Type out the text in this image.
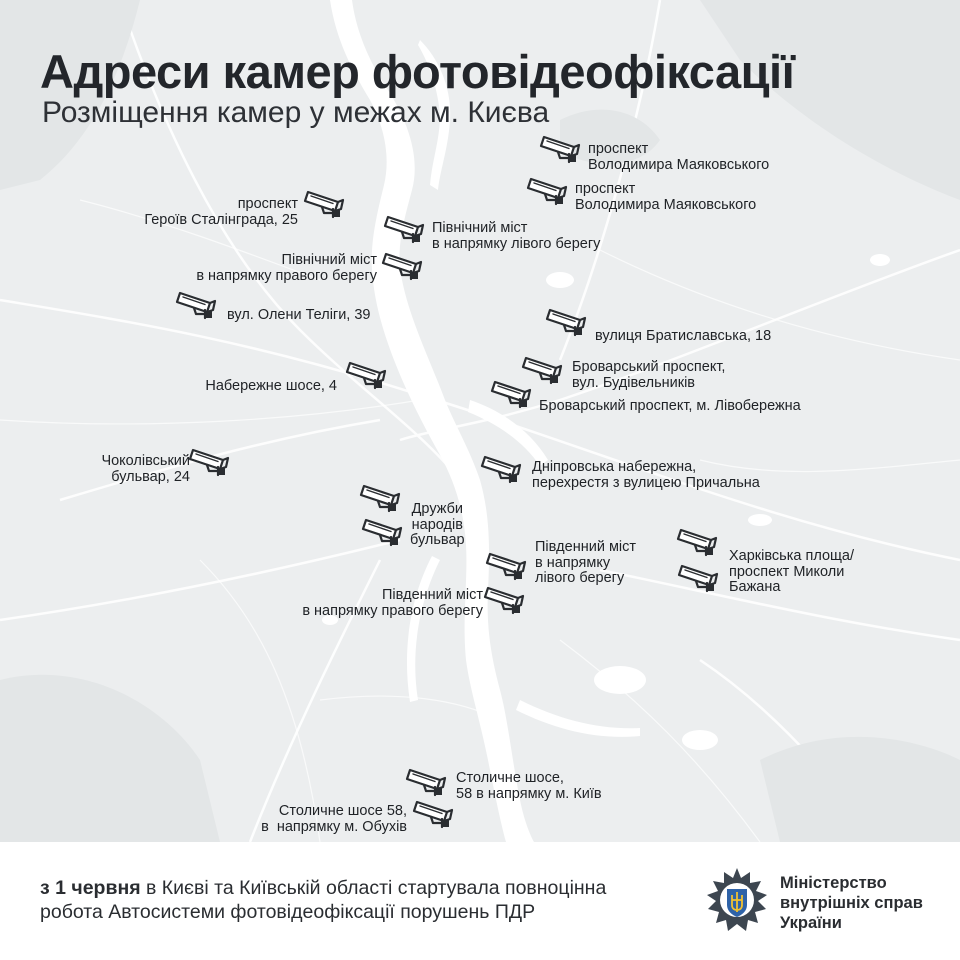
Адреси камер фотовідеофіксації
Розміщення камер у межах м. Києва
проспект
Володимира Маяковського
проспект
Володимира Маяковського
проспект
Героїв Сталінграда, 25
Північний міст
в напрямку лівого берегу
Північний міст
в напрямку правого берегу
вул. Олени Теліги, 39
вулиця Братиславська, 18
Набережне шосе, 4
Броварський проспект,
вул. Будівельників
Броварський проспект, м. Лівобережна
Чоколівський
бульвар, 24
Дніпровська набережна,
перехрестя з вулицею Причальна
Дружби
народів
бульвар	Південний міст
в напрямку
лівого берегу
Харківська площа/
проспект Миколи
Бажана
Південний міст
в напрямку правого берегу
Столичне шосе,
58 в напрямку м. Київ
Столичне шосе 58,
в  напрямку м. Обухів
з 1 червня в Києві та Київській області стартувала повноцінна
робота Автосистеми фотовідеофіксації порушень ПДР
Міністерство
внутрішніх справ
України
